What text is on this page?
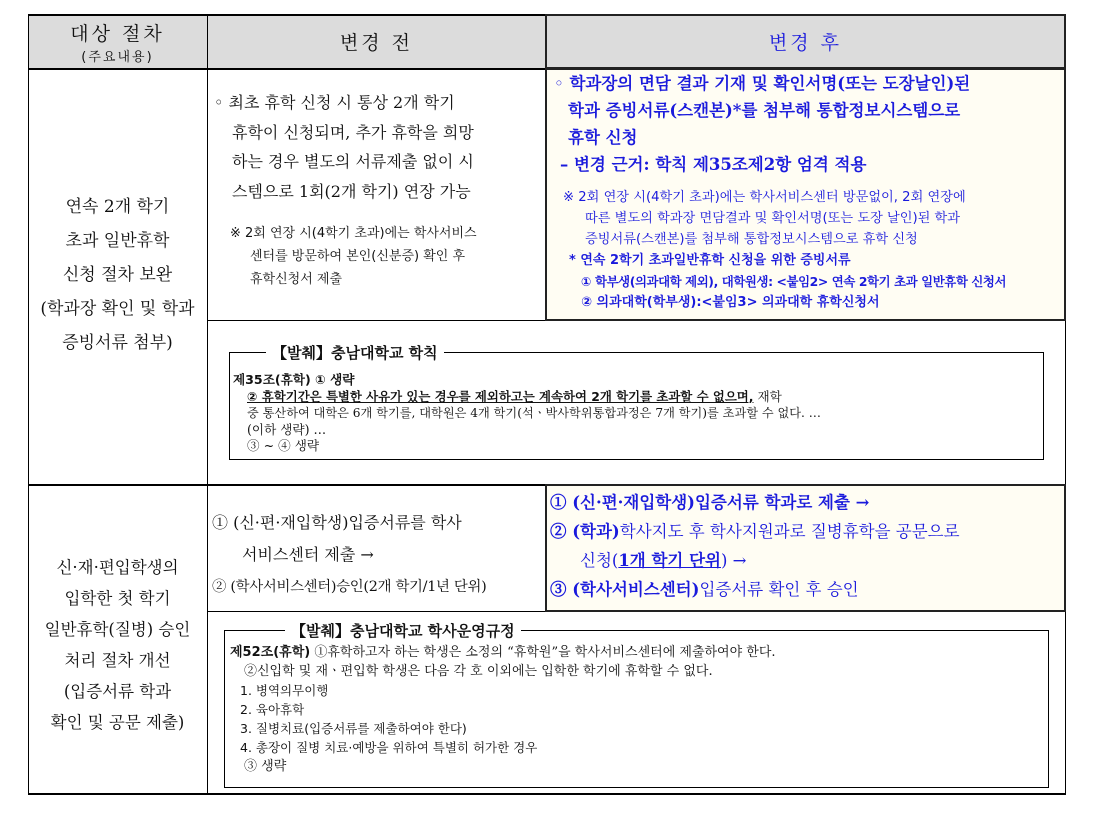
대상 절차
(주요내용)
변경 전	변경 후
연속 2개 학기
초과 일반휴학
신청 절차 보완
(학과장 확인 및 학과
증빙서류 첨부)
◦ 최초 휴학 신청 시 통상 2개 학기
휴학이 신청되며, 추가 휴학을 희망
하는 경우 별도의 서류제출 없이 시
스템으로 1회(2개 학기) 연장 가능
※ 2회 연장 시(4학기 초과)에는 학사서비스
센터를 방문하여 본인(신분증) 확인 후
휴학신청서 제출
◦ 학과장의 면담 결과 기재 및 확인서명(또는 도장날인)된
학과 증빙서류(스캔본)*를 첨부해 통합정보시스템으로
휴학 신청
– 변경 근거: 학칙 제35조제2항 엄격 적용
※ 2회 연장 시(4학기 초과)에는 학사서비스센터 방문없이, 2회 연장에
따른 별도의 학과장 면담결과 및 확인서명(또는 도장 날인)된 학과
증빙서류(스캔본)를 첨부해 통합정보시스템으로 휴학 신청
* 연속 2학기 초과일반휴학 신청을 위한 증빙서류
① 학부생(의과대학 제외), 대학원생: <붙임2> 연속 2학기 초과 일반휴학 신청서
② 의과대학(학부생):<붙임3> 의과대학 휴학신청서
【발췌】충남대학교 학칙
제35조(휴학) ① 생략
② 휴학기간은 특별한 사유가 있는 경우를 제외하고는 계속하여 2개 학기를 초과할 수 없으며, 재학
중 통산하여 대학은 6개 학기를, 대학원은 4개 학기(석ㆍ박사학위통합과정은 7개 학기)를 초과할 수 없다. …
(이하 생략) …
③ ~ ④ 생략
신·재·편입학생의
입학한 첫 학기
일반휴학(질병) 승인
처리 절차 개선
(입증서류 학과
확인 및 공문 제출)
① (신·편·재입학생)입증서류를 학사
서비스센터 제출 →
② (학사서비스센터)승인(2개 학기/1년 단위)
① (신·편·재입학생)입증서류 학과로 제출 →
② (학과)학사지도 후 학사지원과로 질병휴학을 공문으로
신청(1개 학기 단위) →
③ (학사서비스센터)입증서류 확인 후 승인
【발췌】충남대학교 학사운영규정
제52조(휴학) ①휴학하고자 하는 학생은 소정의 “휴학원”을 학사서비스센터에 제출하여야 한다.
②신입학 및 재ㆍ편입학 학생은 다음 각 호 이외에는 입학한 학기에 휴학할 수 없다.
1. 병역의무이행
2. 육아휴학
3. 질병치료(입증서류를 제출하여야 한다)
4. 총장이 질병 치료·예방을 위하여 특별히 허가한 경우
③ 생략
